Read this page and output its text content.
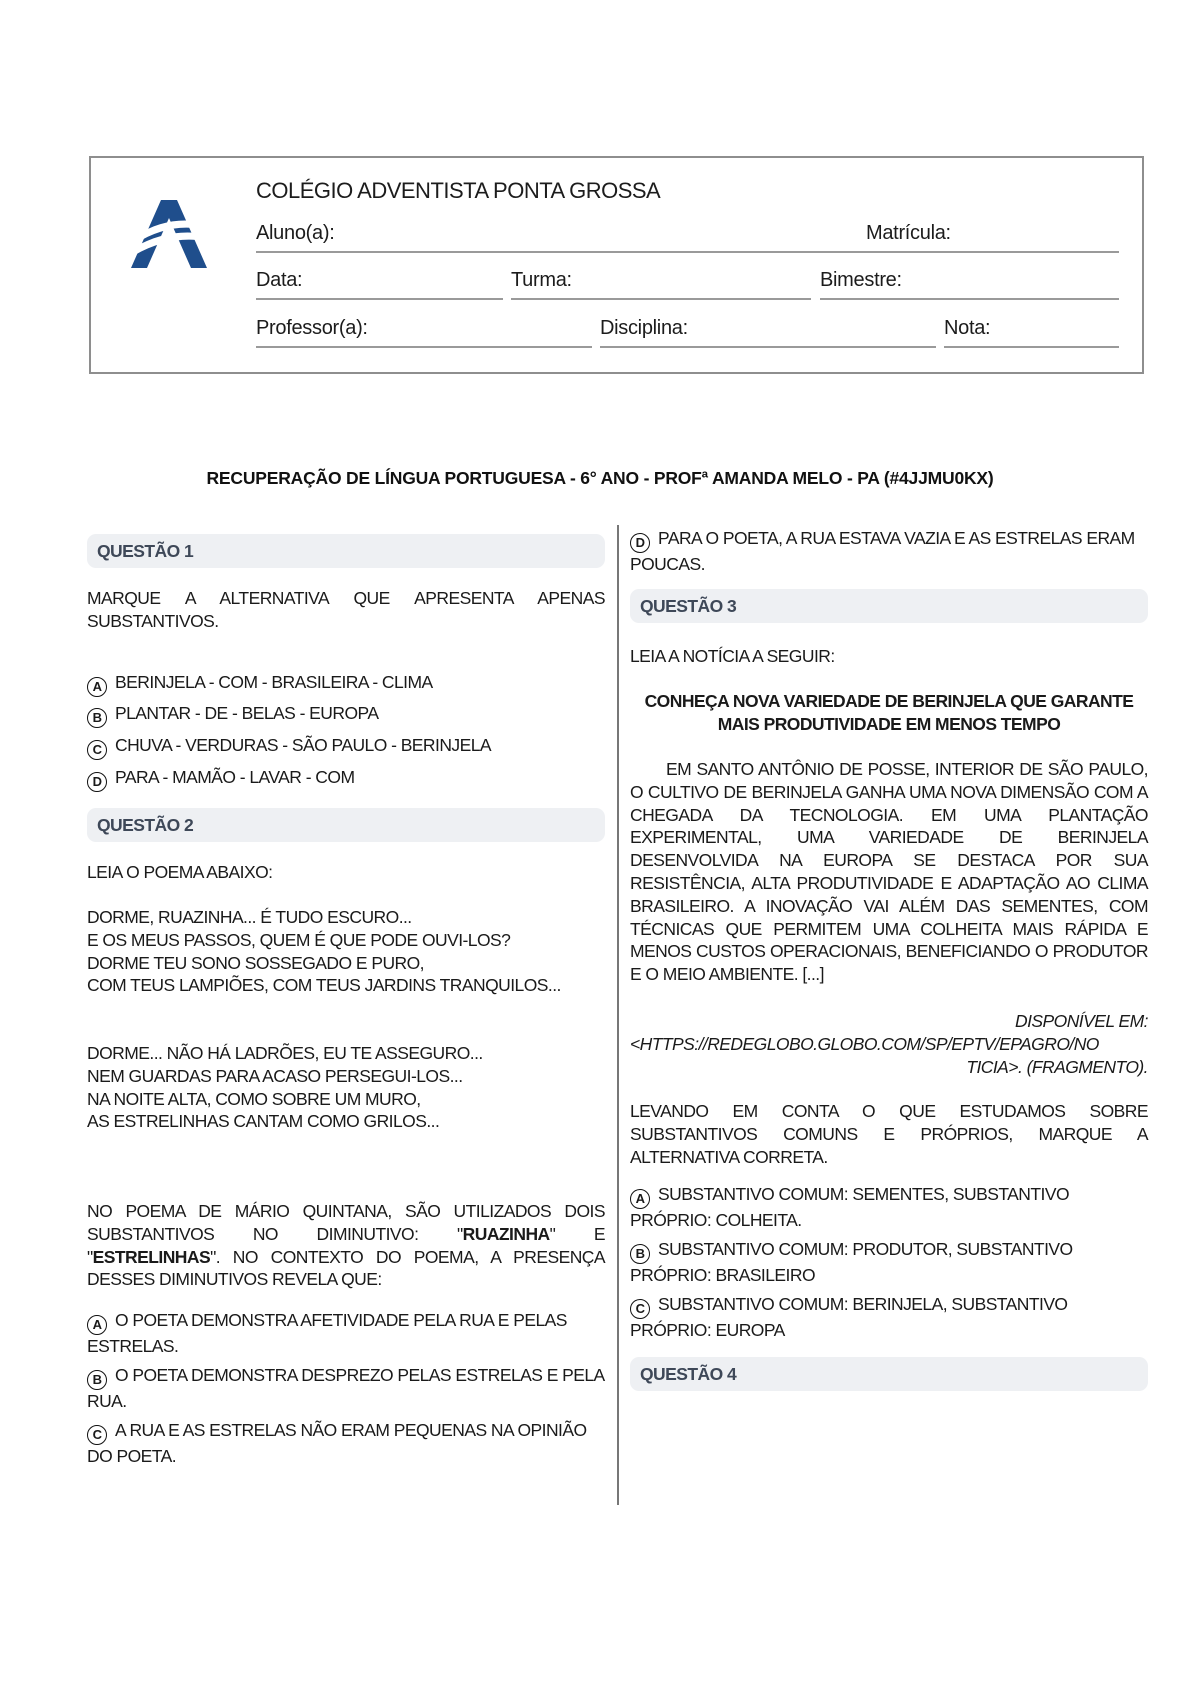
COLÉGIO ADVENTISTA PONTA GROSSA
Aluno(a):	Matrícula:
Data:	Turma:	Bimestre:
Professor(a):	Disciplina:	Nota:
RECUPERAÇÃO DE LÍNGUA PORTUGUESA - 6° ANO - PROFª AMANDA MELO - PA (#4JJMU0KX)
QUESTÃO 1
MARQUE A ALTERNATIVA QUE APRESENTA APENAS SUBSTANTIVOS.
A BERINJELA - COM - BRASILEIRA - CLIMA
B PLANTAR - DE - BELAS - EUROPA
C CHUVA - VERDURAS - SÃO PAULO - BERINJELA
D PARA - MAMÃO - LAVAR - COM
QUESTÃO 2
LEIA O POEMA ABAIXO:
DORME, RUAZINHA... É TUDO ESCURO...
E OS MEUS PASSOS, QUEM É QUE PODE OUVI-LOS?
DORME TEU SONO SOSSEGADO E PURO,
COM TEUS LAMPIÕES, COM TEUS JARDINS TRANQUILOS...
DORME... NÃO HÁ LADRÕES, EU TE ASSEGURO...
NEM GUARDAS PARA ACASO PERSEGUI-LOS...
NA NOITE ALTA, COMO SOBRE UM MURO,
AS ESTRELINHAS CANTAM COMO GRILOS...
NO POEMA DE MÁRIO QUINTANA, SÃO UTILIZADOS DOIS SUBSTANTIVOS NO DIMINUTIVO: "RUAZINHA" E "ESTRELINHAS". NO CONTEXTO DO POEMA, A PRESENÇA DESSES DIMINUTIVOS REVELA QUE:
A O POETA DEMONSTRA AFETIVIDADE PELA RUA E PELAS ESTRELAS.
B O POETA DEMONSTRA DESPREZO PELAS ESTRELAS E PELA RUA.
C A RUA E AS ESTRELAS NÃO ERAM PEQUENAS NA OPINIÃO DO POETA.
D PARA O POETA, A RUA ESTAVA VAZIA E AS ESTRELAS ERAM POUCAS.
QUESTÃO 3
LEIA A NOTÍCIA A SEGUIR:
CONHEÇA NOVA VARIEDADE DE BERINJELA QUE GARANTE MAIS PRODUTIVIDADE EM MENOS TEMPO
EM SANTO ANTÔNIO DE POSSE, INTERIOR DE SÃO PAULO, O CULTIVO DE BERINJELA GANHA UMA NOVA DIMENSÃO COM A CHEGADA DA TECNOLOGIA. EM UMA PLANTAÇÃO EXPERIMENTAL, UMA VARIEDADE DE BERINJELA DESENVOLVIDA NA EUROPA SE DESTACA POR SUA RESISTÊNCIA, ALTA PRODUTIVIDADE E ADAPTAÇÃO AO CLIMA BRASILEIRO. A INOVAÇÃO VAI ALÉM DAS SEMENTES, COM TÉCNICAS QUE PERMITEM UMA COLHEITA MAIS RÁPIDA E MENOS CUSTOS OPERACIONAIS, BENEFICIANDO O PRODUTOR E O MEIO AMBIENTE. [...]
DISPONÍVEL EM:
<HTTPS://REDEGLOBO.GLOBO.COM/SP/EPTV/EPAGRO/NO
TICIA>. (FRAGMENTO).
LEVANDO EM CONTA O QUE ESTUDAMOS SOBRE SUBSTANTIVOS COMUNS E PRÓPRIOS, MARQUE A ALTERNATIVA CORRETA.
A SUBSTANTIVO COMUM: SEMENTES, SUBSTANTIVO PRÓPRIO: COLHEITA.
B SUBSTANTIVO COMUM: PRODUTOR, SUBSTANTIVO PRÓPRIO: BRASILEIRO
C SUBSTANTIVO COMUM: BERINJELA, SUBSTANTIVO PRÓPRIO: EUROPA
QUESTÃO 4
